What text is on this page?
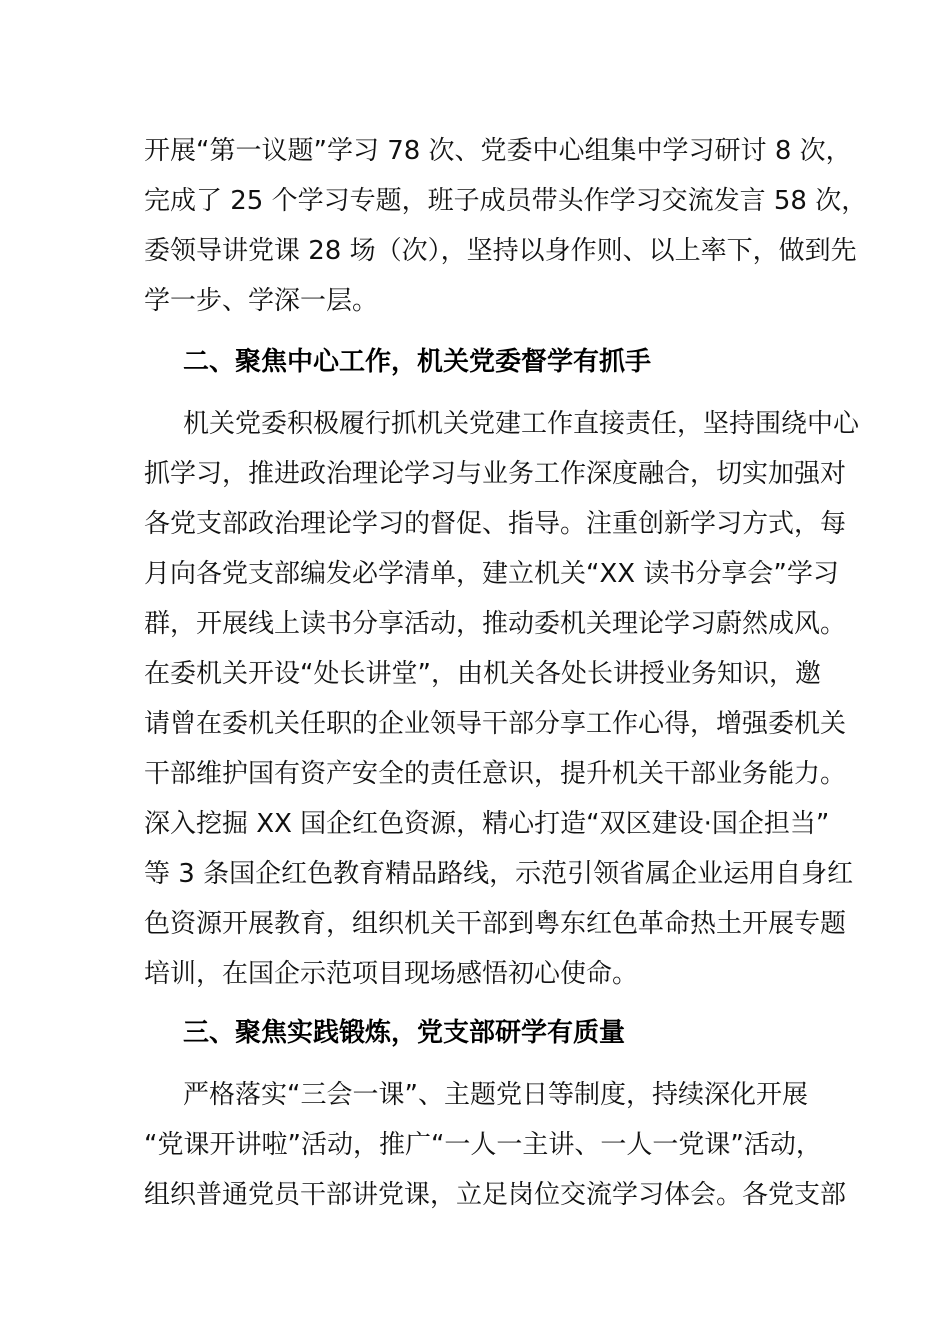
开展“第一议题”学习 78 次、党委中心组集中学习研讨 8 次，
完成了 25 个学习专题，班子成员带头作学习交流发言 58 次，
委领导讲党课 28 场（次），坚持以身作则、以上率下，做到先
学一步、学深一层。
二、聚焦中心工作，机关党委督学有抓手
机关党委积极履行抓机关党建工作直接责任，坚持围绕中心
抓学习，推进政治理论学习与业务工作深度融合，切实加强对
各党支部政治理论学习的督促、指导。注重创新学习方式，每
月向各党支部编发必学清单，建立机关“XX 读书分享会”学习
群，开展线上读书分享活动，推动委机关理论学习蔚然成风。
在委机关开设“处长讲堂”，由机关各处长讲授业务知识，邀
请曾在委机关任职的企业领导干部分享工作心得，增强委机关
干部维护国有资产安全的责任意识，提升机关干部业务能力。
深入挖掘 XX 国企红色资源，精心打造“双区建设·国企担当”
等 3 条国企红色教育精品路线，示范引领省属企业运用自身红
色资源开展教育，组织机关干部到粤东红色革命热土开展专题
培训，在国企示范项目现场感悟初心使命。
三、聚焦实践锻炼，党支部研学有质量
严格落实“三会一课”、主题党日等制度，持续深化开展
“党课开讲啦”活动，推广“一人一主讲、一人一党课”活动，
组织普通党员干部讲党课，立足岗位交流学习体会。各党支部
